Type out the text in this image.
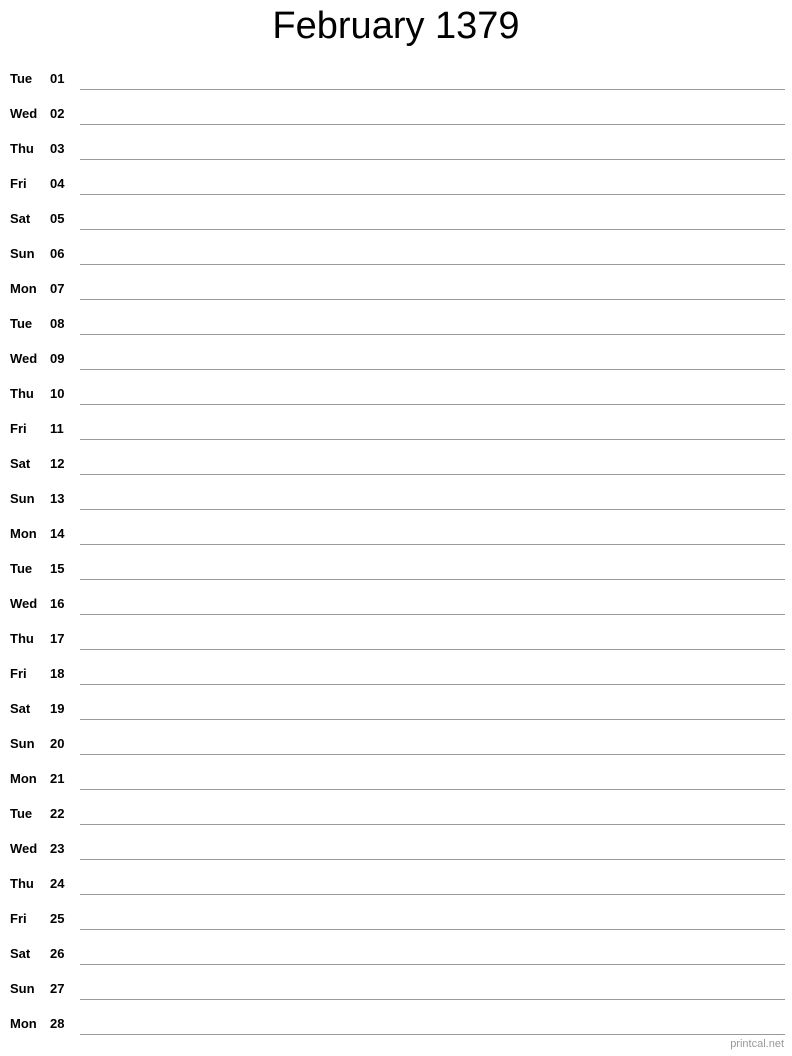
February 1379
Tue 01
Wed 02
Thu 03
Fri 04
Sat 05
Sun 06
Mon 07
Tue 08
Wed 09
Thu 10
Fri 11
Sat 12
Sun 13
Mon 14
Tue 15
Wed 16
Thu 17
Fri 18
Sat 19
Sun 20
Mon 21
Tue 22
Wed 23
Thu 24
Fri 25
Sat 26
Sun 27
Mon 28
printcal.net
